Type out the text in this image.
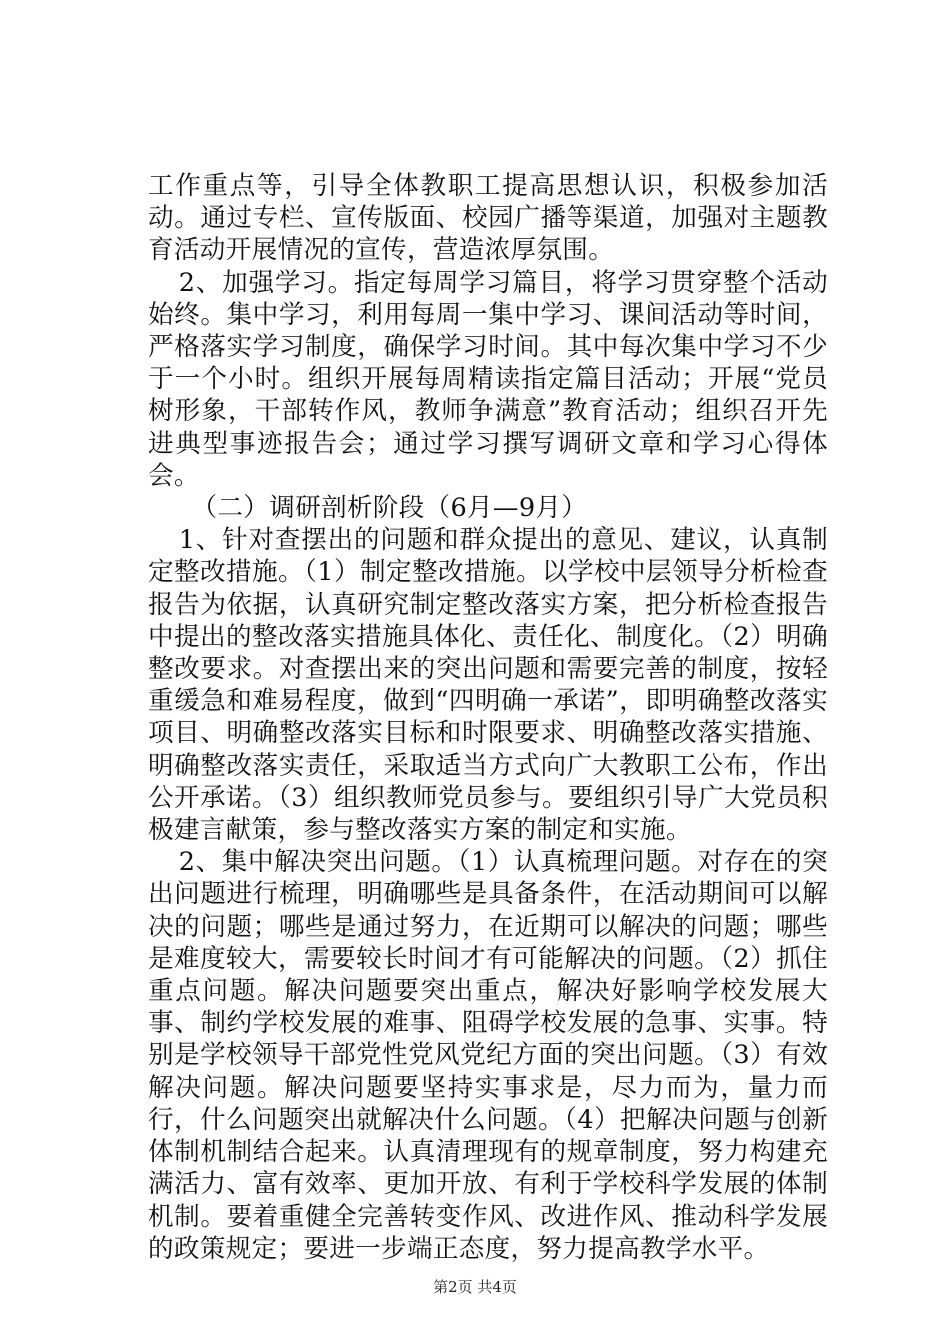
工作重点等，引导全体教职工提高思想认识，积极参加活动。通过专栏、宣传版面、校园广播等渠道，加强对主题教育活动开展情况的宣传，营造浓厚氛围。

2、加强学习。指定每周学习篇目，将学习贯穿整个活动始终。集中学习，利用每周一集中学习、课间活动等时间，严格落实学习制度，确保学习时间。其中每次集中学习不少于一个小时。组织开展每周精读指定篇目活动；开展“党员树形象，干部转作风，教师争满意”教育活动；组织召开先进典型事迹报告会；通过学习撰写调研文章和学习心得体会。

（二）调研剖析阶段（6月—9月）

1、针对查摆出的问题和群众提出的意见、建议，认真制定整改措施。（1）制定整改措施。以学校中层领导分析检查报告为依据，认真研究制定整改落实方案，把分析检查报告中提出的整改落实措施具体化、责任化、制度化。（2）明确整改要求。对查摆出来的突出问题和需要完善的制度，按轻重缓急和难易程度，做到“四明确一承诺”，即明确整改落实项目、明确整改落实目标和时限要求、明确整改落实措施、明确整改落实责任，采取适当方式向广大教职工公布，作出公开承诺。（3）组织教师党员参与。要组织引导广大党员积极建言献策，参与整改落实方案的制定和实施。

2、集中解决突出问题。（1）认真梳理问题。对存在的突出问题进行梳理，明确哪些是具备条件，在活动期间可以解决的问题；哪些是通过努力，在近期可以解决的问题；哪些是难度较大，需要较长时间才有可能解决的问题。（2）抓住重点问题。解决问题要突出重点，解决好影响学校发展大事、制约学校发展的难事、阻碍学校发展的急事、实事。特别是学校领导干部党性党风党纪方面的突出问题。（3）有效解决问题。解决问题要坚持实事求是，尽力而为，量力而行，什么问题突出就解决什么问题。（4）把解决问题与创新体制机制结合起来。认真清理现有的规章制度，努力构建充满活力、富有效率、更加开放、有利于学校科学发展的体制机制。要着重健全完善转变作风、改进作风、推动科学发展的政策规定；要进一步端正态度，努力提高教学水平。

第2页 共4页
